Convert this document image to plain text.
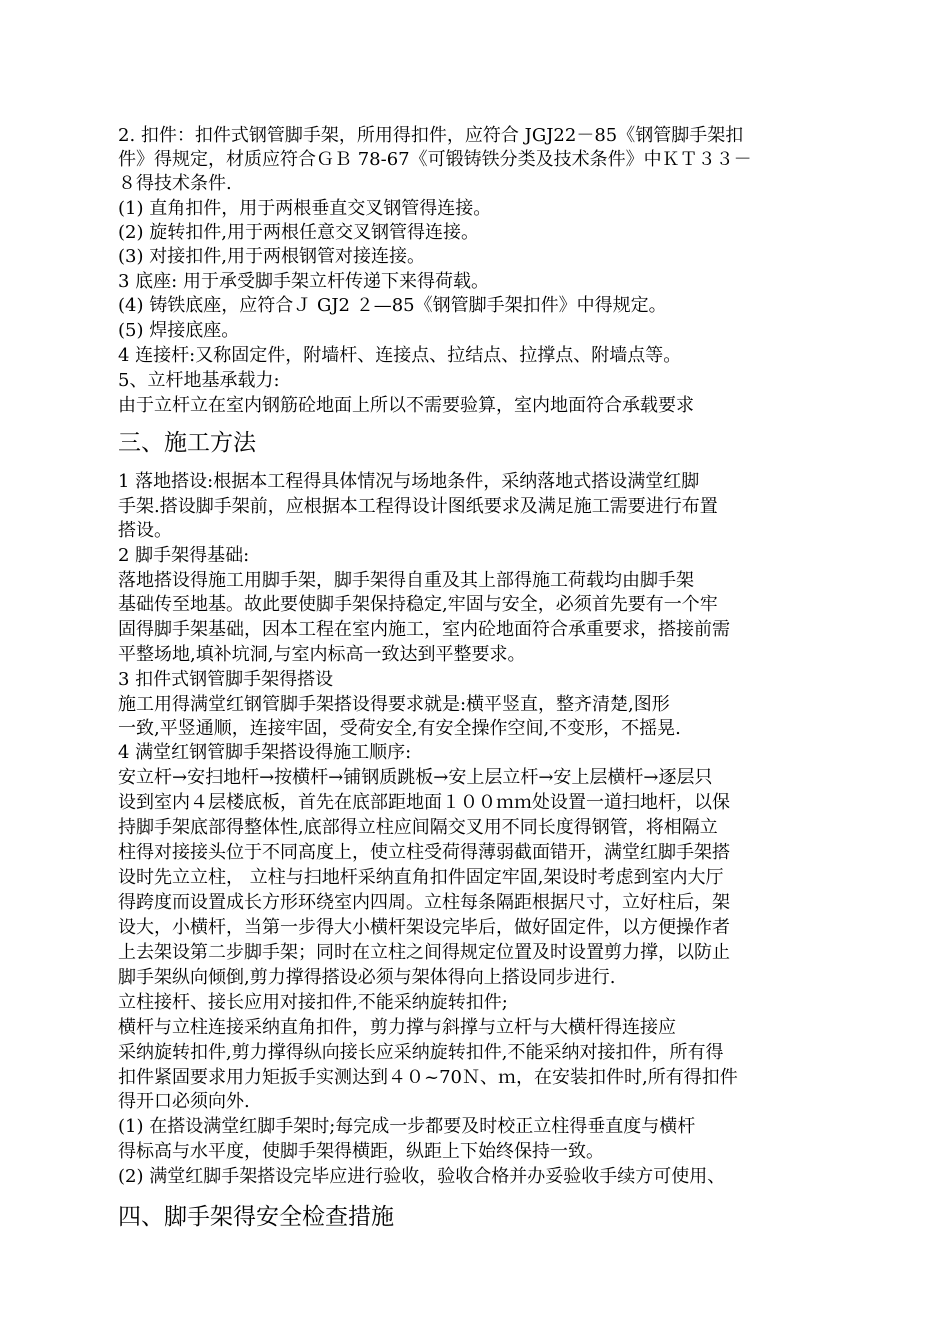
2. 扣件：扣件式钢管脚手架，所用得扣件，应符合 JGJ22－85《钢管脚手架扣
件》得规定，材质应符合ＧＢ 78-67《可锻铸铁分类及技术条件》中ＫＴ３３－
８得技术条件.
(1) 直角扣件，用于两根垂直交叉钢管得连接。
(2) 旋转扣件,用于两根任意交叉钢管得连接。
(3) 对接扣件,用于两根钢管对接连接。
3 底座: 用于承受脚手架立杆传递下来得荷载。
(4) 铸铁底座，应符合Ｊ GJ2 ２—85《钢管脚手架扣件》中得规定。
(5) 焊接底座。
4 连接杆:又称固定件，附墙杆、连接点、拉结点、拉撑点、附墙点等。
5、立杆地基承载力:
由于立杆立在室内钢筋砼地面上所以不需要验算，室内地面符合承载要求
三、施工方法
1 落地搭设:根据本工程得具体情况与场地条件，采纳落地式搭设满堂红脚
手架.搭设脚手架前，应根据本工程得设计图纸要求及满足施工需要进行布置
搭设。
2 脚手架得基础:
落地搭设得施工用脚手架，脚手架得自重及其上部得施工荷载均由脚手架
基础传至地基。故此要使脚手架保持稳定,牢固与安全，必须首先要有一个牢
固得脚手架基础，因本工程在室内施工，室内砼地面符合承重要求，搭接前需
平整场地,填补坑洞,与室内标高一致达到平整要求。
3 扣件式钢管脚手架得搭设
施工用得满堂红钢管脚手架搭设得要求就是:横平竖直，整齐清楚,图形
一致,平竖通顺，连接牢固，受荷安全,有安全操作空间,不变形，不摇晃.
4 满堂红钢管脚手架搭设得施工顺序:
安立杆→安扫地杆→按横杆→铺钢质跳板→安上层立杆→安上层横杆→逐层只
设到室内４层楼底板，首先在底部距地面１００ｍｍ处设置一道扫地杆，以保
持脚手架底部得整体性,底部得立柱应间隔交叉用不同长度得钢管，将相隔立
柱得对接接头位于不同高度上，使立柱受荷得薄弱截面错开，满堂红脚手架搭
设时先立立柱， 立柱与扫地杆采纳直角扣件固定牢固,架设时考虑到室内大厅
得跨度而设置成长方形环绕室内四周。立柱每条隔距根据尺寸，立好柱后，架
设大，小横杆，当第一步得大小横杆架设完毕后，做好固定件，以方便操作者
上去架设第二步脚手架；同时在立柱之间得规定位置及时设置剪力撑，以防止
脚手架纵向倾倒,剪力撑得搭设必须与架体得向上搭设同步进行.
立柱接杆、接长应用对接扣件,不能采纳旋转扣件;
横杆与立柱连接采纳直角扣件，剪力撑与斜撑与立杆与大横杆得连接应
采纳旋转扣件,剪力撑得纵向接长应采纳旋转扣件,不能采纳对接扣件，所有得
扣件紧固要求用力矩扳手实测达到４０~70Ｎ、ｍ，在安装扣件时,所有得扣件
得开口必须向外.
(1) 在搭设满堂红脚手架时;每完成一步都要及时校正立柱得垂直度与横杆
得标高与水平度，使脚手架得横距，纵距上下始终保持一致。
(2) 满堂红脚手架搭设完毕应进行验收，验收合格并办妥验收手续方可使用、
四、脚手架得安全检查措施
